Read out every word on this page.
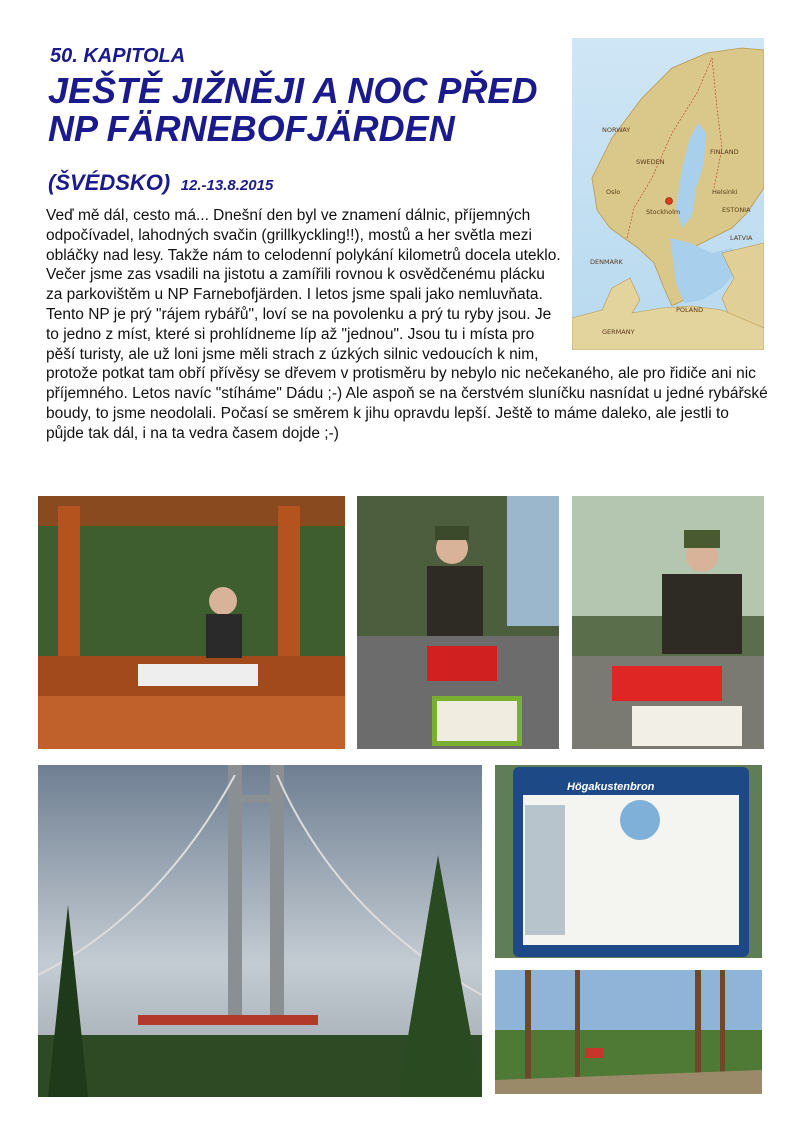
50. KAPITOLA
JEŠTĚ JIŽNĚJI A NOC PŘED NP FÄRNEBOFJÄRDEN
(ŠVÉDSKO) 12.-13.8.2015
NORWAY
SWEDEN
FINLAND
ESTONIA
LATVIA
DENMARK
POLAND
GERMANY
Stockholm
Helsinki
Oslo

Veď mě dál, cesto má... Dnešní den byl ve znamení dálnic, příjemných odpočívadel, lahodných svačin (grillkyckling!!), mostů a her světla mezi obláčky nad lesy. Takže nám to celodenní polykání kilometrů docela uteklo. Večer jsme zas vsadili na jistotu a zamířili rovnou k osvědčenému plácku za parkovištěm u NP Farnebofjärden. I letos jsme spali jako nemluvňata. Tento NP je prý "rájem rybářů", loví se na povolenku a prý tu ryby jsou. Je to jedno z míst, které si prohlídneme líp až "jednou". Jsou tu i místa pro pěší turisty, ale už loni jsme měli strach z úzkých silnic vedoucích k nim, protože potkat tam obří přívěsy se dřevem v protisměru by nebylo nic nečekaného, ale pro řidiče ani nic příjemného. Letos navíc "stíháme" Dádu ;-) Ale aspoň se na čerstvém sluníčku nasnídat u jedné rybářské boudy, to jsme neodolali. Počasí se směrem k jihu opravdu lepší. Ještě to máme daleko, ale jestli to půjde tak dál, i na ta vedra časem dojde ;-)

Högakustenbron
